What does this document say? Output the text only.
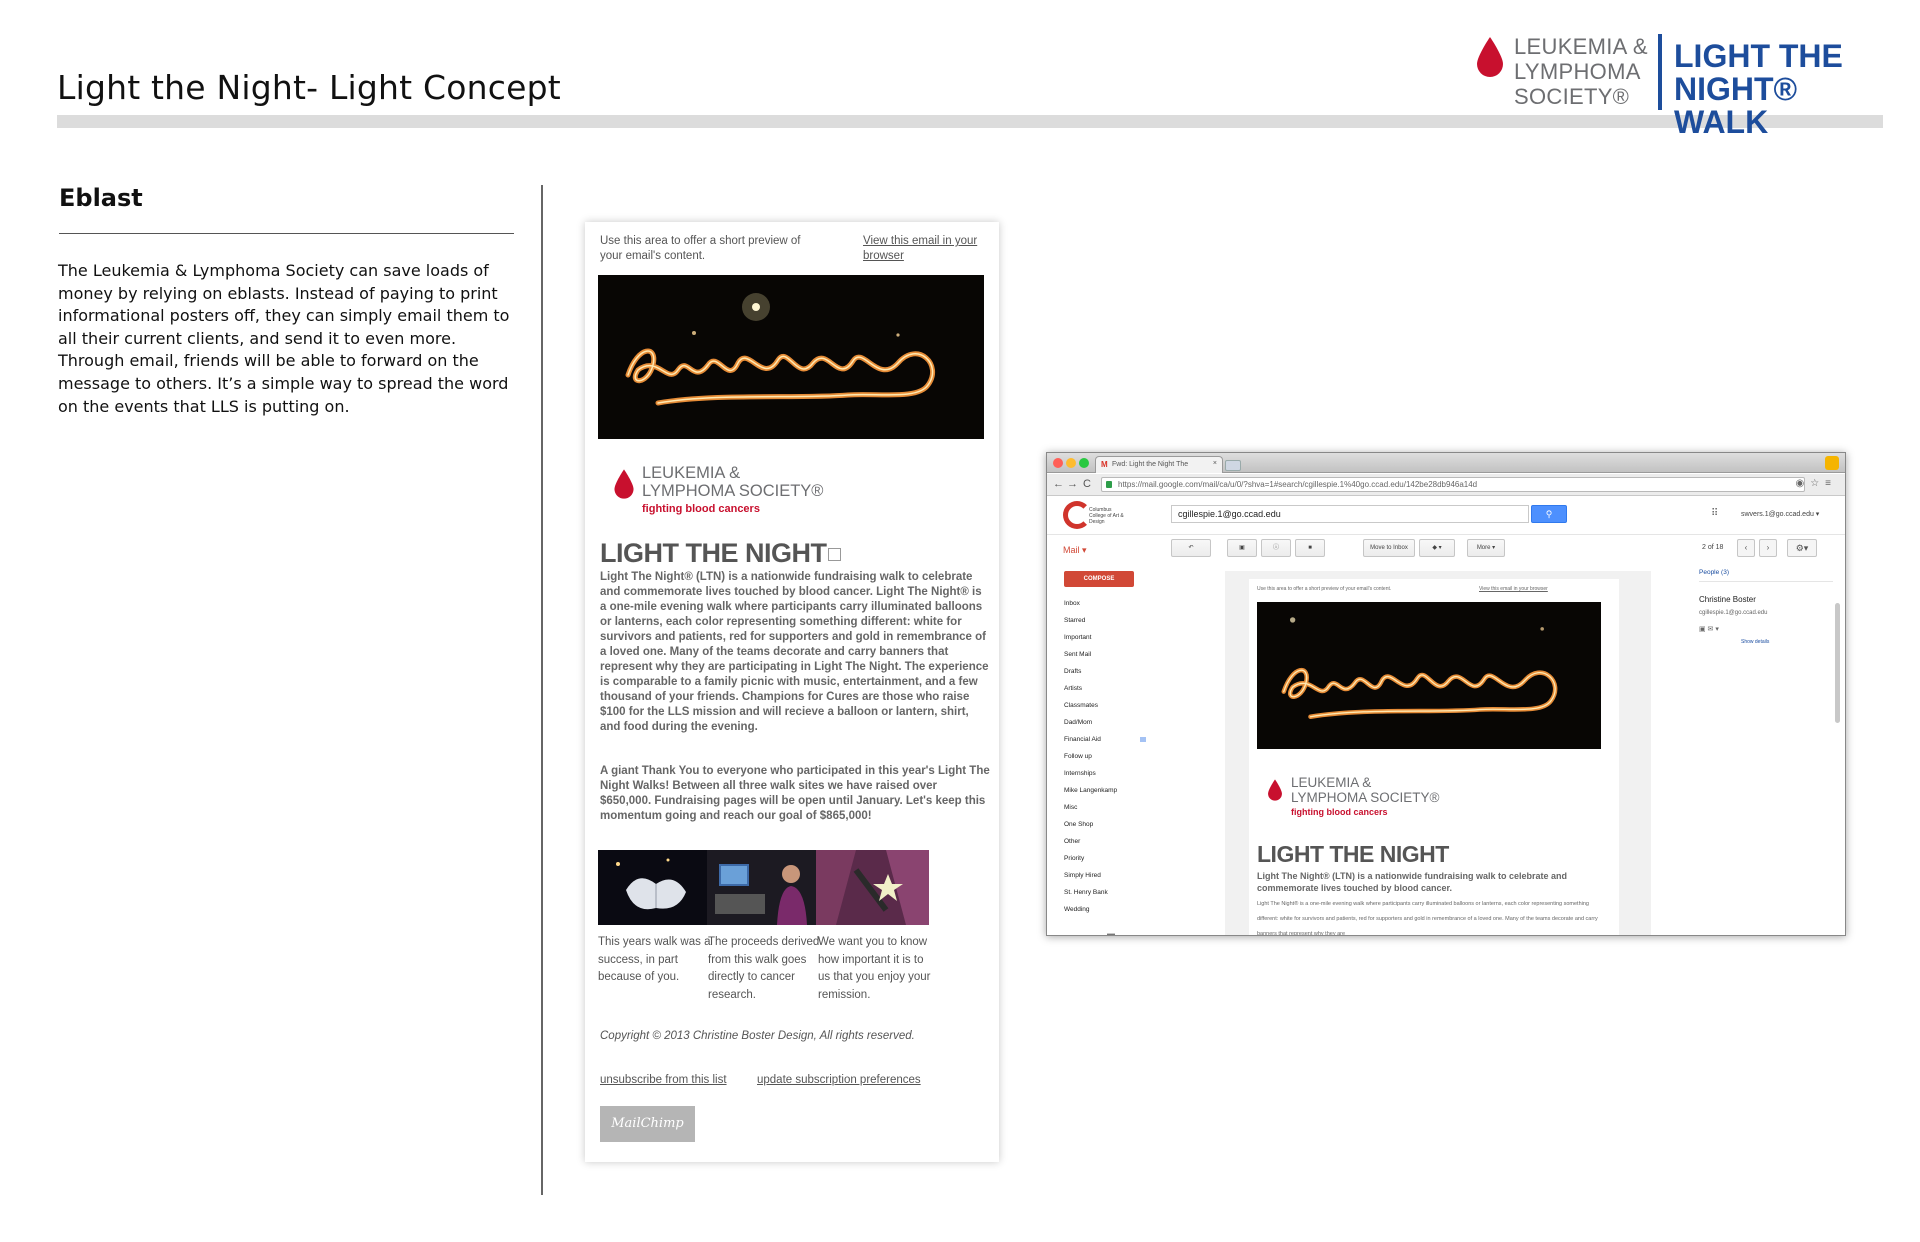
Light the Night- Light Concept
LEUKEMIA &
LYMPHOMA
SOCIETY®
LIGHT THE
NIGHT® WALK
Eblast
The Leukemia & Lymphoma Society can save loads of money by relying on eblasts. Instead of paying to print informational posters off, they can simply email them to all their current clients, and send it to even more. Through email, friends will be able to forward on the message to others. It’s a simple way to spread the word on the events that LLS is putting on.
Use this area to offer a short preview of your email's content.
View this email in your browser
LEUKEMIA &
LYMPHOMA SOCIETY®
fighting blood cancers
LIGHT THE NIGHT
Light The Night® (LTN) is a nationwide fundraising walk to celebrate and commemorate lives touched by blood cancer. Light The Night® is a one-mile evening walk where participants carry illuminated balloons or lanterns, each color representing something different: white for survivors and patients, red for supporters and gold in remembrance of a loved one. Many of the teams decorate and carry banners that represent why they are participating in Light The Night. The experience is comparable to a family picnic with music, entertainment, and a few thousand of your friends. Champions for Cures are those who raise $100 for the LLS mission and will recieve a balloon or lantern, shirt, and food during the evening.
A giant Thank You to everyone who participated in this year's Light The Night Walks! Between all three walk sites we have raised over $650,000. Fundraising pages will be open until January. Let's keep this momentum going and reach our goal of $865,000!
This years walk was a success, in part because of you.
The proceeds derived from this walk goes directly to cancer research.
We want you to know how important it is to us that you enjoy your remission.
Copyright © 2013 Christine Boster Design, All rights reserved.
unsubscribe from this list	update subscription preferences
MailChimp
M Fwd: Light the Night The	×
← → C	https://mail.google.com/mail/ca/u/0/?shva=1#search/cgillespie.1%40go.ccad.edu/142be28db946a14d	◉☆≡
Columbus College of Art & Design
cgillespie.1@go.ccad.edu	⚲	⠿	swvers.1@go.ccad.edu ▾
Mail ▾	↶	▣	ⓘ	■	Move to Inbox	◆ ▾	More ▾	2 of 18	‹	›	⚙▾
COMPOSE
Inbox
Starred
Important
Sent Mail
Drafts
Artists
Classmates
Dad/Mom
Financial Aid
Follow up
Internships
Mike Langenkamp
Misc
One Shop
Other
Priority
Simply Hired
St. Henry Bank
Wedding
▬
Use this area to offer a short preview of your email's content.	View this email in your browser
LEUKEMIA &
LYMPHOMA SOCIETY®
fighting blood cancers
LIGHT THE NIGHT
Light The Night® (LTN) is a nationwide fundraising walk to celebrate and commemorate lives touched by blood cancer.
Light The Night® is a one-mile evening walk where participants carry illuminated balloons or lanterns, each color representing something different: white for survivors and patients, red for supporters and gold in remembrance of a loved one. Many of the teams decorate and carry banners that represent why they are
People (3)
Christine Boster
cgillespie.1@go.ccad.edu
▣ ✉ ▾
Show details
